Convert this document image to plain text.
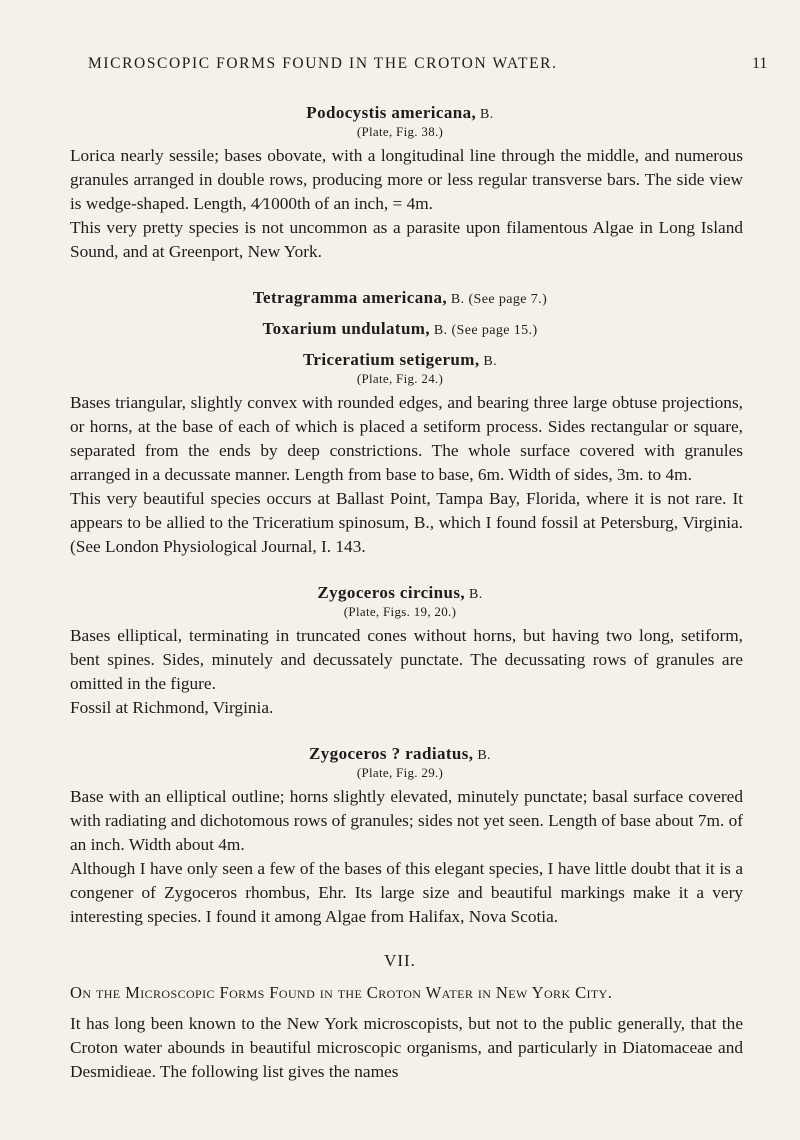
MICROSCOPIC FORMS FOUND IN THE CROTON WATER.	11
Podocystis americana, B.
(Plate, Fig. 38.)

Lorica nearly sessile; bases obovate, with a longitudinal line through the middle, and numerous granules arranged in double rows, producing more or less regular transverse bars. The side view is wedge-shaped. Length, 4⁄1000th of an inch, = 4m.

This very pretty species is not uncommon as a parasite upon filamentous Algae in Long Island Sound, and at Greenport, New York.

Tetragramma americana, B. (See page 7.)
Toxarium undulatum, B. (See page 15.)
Triceratium setigerum, B.
(Plate, Fig. 24.)

Bases triangular, slightly convex with rounded edges, and bearing three large obtuse projections, or horns, at the base of each of which is placed a setiform process. Sides rectangular or square, separated from the ends by deep constrictions. The whole surface covered with granules arranged in a decussate manner. Length from base to base, 6m. Width of sides, 3m. to 4m.

This very beautiful species occurs at Ballast Point, Tampa Bay, Florida, where it is not rare. It appears to be allied to the Triceratium spinosum, B., which I found fossil at Petersburg, Virginia. (See London Physiological Journal, I. 143.

Zygoceros circinus, B.
(Plate, Figs. 19, 20.)

Bases elliptical, terminating in truncated cones without horns, but having two long, setiform, bent spines. Sides, minutely and decussately punctate. The decussating rows of granules are omitted in the figure.

Fossil at Richmond, Virginia.

Zygoceros ? radiatus, B.
(Plate, Fig. 29.)

Base with an elliptical outline; horns slightly elevated, minutely punctate; basal surface covered with radiating and dichotomous rows of granules; sides not yet seen. Length of base about 7m. of an inch. Width about 4m.

Although I have only seen a few of the bases of this elegant species, I have little doubt that it is a congener of Zygoceros rhombus, Ehr. Its large size and beautiful markings make it a very interesting species. I found it among Algae from Halifax, Nova Scotia.

VII.
On the Microscopic Forms Found in the Croton Water in New York City.

It has long been known to the New York microscopists, but not to the public generally, that the Croton water abounds in beautiful microscopic organisms, and particularly in Diatomaceae and Desmidieae. The following list gives the names
